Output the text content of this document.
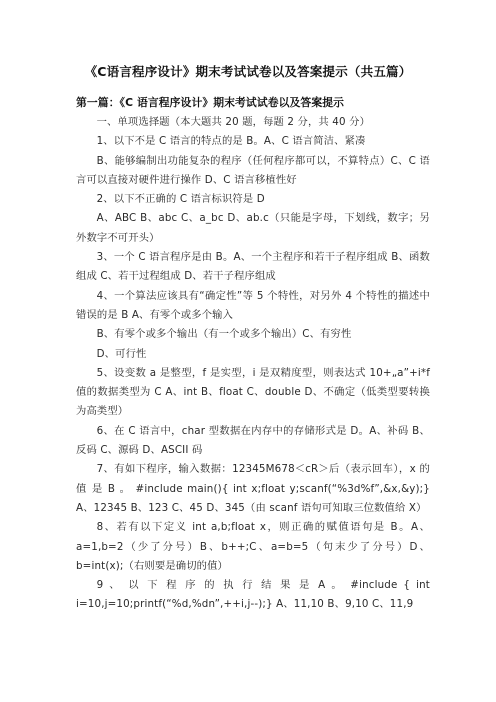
《C语言程序设计》期末考试试卷以及答案提示（共五篇）
第一篇：《C 语言程序设计》期末考试试卷以及答案提示

一、单项选择题（本大题共 20 题，每题 2 分，共 40 分）

1、以下不是 C 语言的特点的是 B。A、C 语言简洁、紧凑

B、能够编制出功能复杂的程序（任何程序都可以，不算特点）C、C 语言可以直接对硬件进行操作 D、C 语言移植性好

2、以下不正确的 C 语言标识符是 D

A、ABC B、abc C、a_bc D、ab.c（只能是字母，下划线，数字；另外数字不可开头）

3、一个 C 语言程序是由 B。A、一个主程序和若干子程序组成 B、函数组成 C、若干过程组成 D、若干子程序组成

4、一个算法应该具有“确定性”等 5 个特性，对另外 4 个特性的描述中错误的是 B A、有零个或多个输入

B、有零个或多个输出（有一个或多个输出）C、有穷性

D、可行性

5、设变数 a 是整型，f 是实型，i 是双精度型，则表达式 10+„a”+i*f 值的数据类型为 C A、int B、float C、double D、不确定（低类型要转换为高类型）

6、在 C 语言中，char 型数据在内存中的存储形式是 D。A、补码 B、反码 C、源码 D、ASCII 码

7、有如下程序，输入数据：12345M678＜cR＞后（表示回车），x 的 值 是 B 。 #include main(){ int x;float y;scanf(“%3d%f”,&x,&y);} A、12345 B、123 C、45 D、345（由 scanf 语句可知取三位数值给 X）

8、若有以下定义 int a,b;float x，则正确的赋值语句是 B。A、a=1,b=2（少了分号）B、b++;C、a=b=5（句末少了分号）D、b=int(x);（右则要是确切的值）

9 、 以 下 程 序 的 执 行 结 果 是 A 。 #include { int i=10,j=10;printf(“%d,%dn”,++i,j--);} A、11,10 B、9,10 C、11,9
